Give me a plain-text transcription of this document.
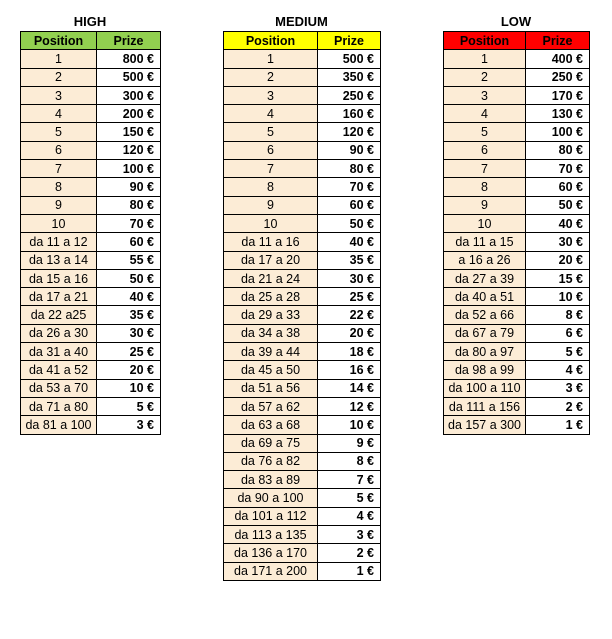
HIGH
Position	Prize
1	800 €
2	500 €
3	300 €
4	200 €
5	150 €
6	120 €
7	100 €
8	90 €
9	80 €
10	70 €
da 11 a 12	60 €
da 13 a 14	55 €
da 15 a 16	50 €
da 17 a 21	40 €
da 22 a25	35 €
da 26 a 30	30 €
da 31 a 40	25 €
da 41 a 52	20 €
da 53 a 70	10 €
da 71 a 80	5 €
da 81 a 100	3 €
MEDIUM
Position	Prize
1	500 €
2	350 €
3	250 €
4	160 €
5	120 €
6	90 €
7	80 €
8	70 €
9	60 €
10	50 €
da 11 a 16	40 €
da 17 a 20	35 €
da 21 a 24	30 €
da 25 a 28	25 €
da 29 a 33	22 €
da 34 a 38	20 €
da 39 a 44	18 €
da 45 a 50	16 €
da 51 a 56	14 €
da 57 a 62	12 €
da 63 a 68	10 €
da 69 a 75	9 €
da 76 a 82	8 €
da 83 a 89	7 €
da 90 a 100	5 €
da 101 a 112	4 €
da 113 a 135	3 €
da 136 a 170	2 €
da 171 a 200	1 €
LOW
Position	Prize
1	400 €
2	250 €
3	170 €
4	130 €
5	100 €
6	80 €
7	70 €
8	60 €
9	50 €
10	40 €
da 11 a 15	30 €
a 16 a 26	20 €
da 27 a 39	15 €
da 40 a 51	10 €
da 52 a 66	8 €
da 67 a 79	6 €
da 80 a 97	5 €
da 98 a 99	4 €
da 100 a 110	3 €
da 111 a 156	2 €
da 157 a 300	1 €
